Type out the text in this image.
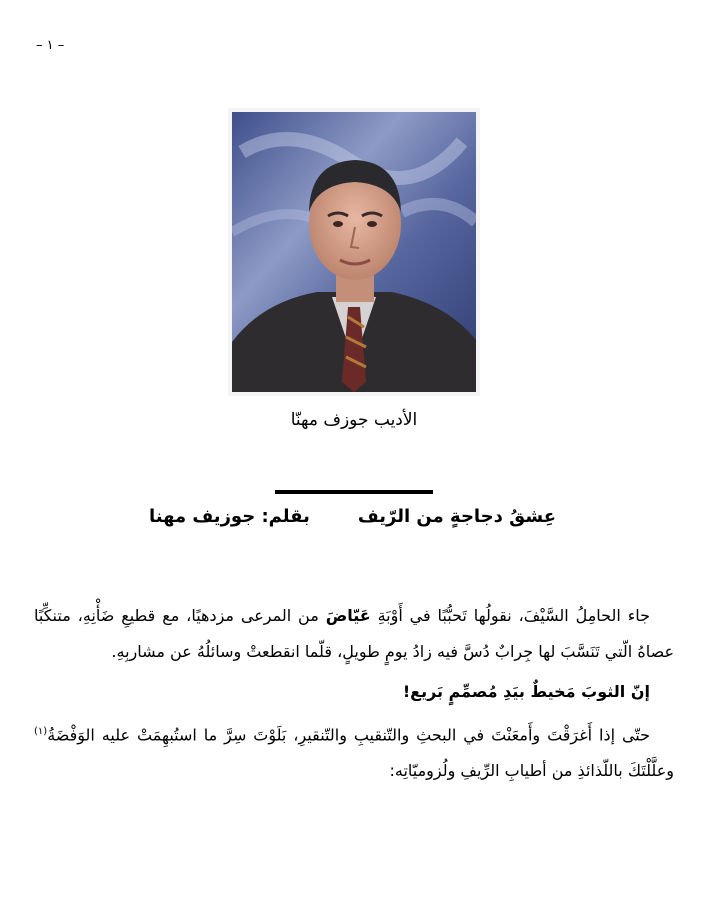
– ١ –
الأديب جوزف مهنّا
عِشقُ دجاجةٍ من الرّيفبقلم: جوزيف مهنا

جاء الحامِلُ السَّيْفَ، نقولُها تَحبُّبًا في أَوْبَةِ عَيّاضَ من المرعى مزدهيًا، مع قطيعِ ضَأْنِهِ، متنكِّبًا عصاهُ الّتي تَنَسَّبَ لها جِرابٌ دُسَّ فيه زادُ يومٍ طويلٍ، قلّما انقطعتْ وسائلُهُ عن مشاربِهِ.

إنّ الثوبَ مَخيطٌ بيَدِ مُصمِّمٍ بَريع!

حتّى إذا أَغرَقْتَ وأَمعَنْتَ في البحثِ والتّنقيبِ والتّنقيرِ، بَلَوْتَ سِرَّ ما استُبهِمَتْ عليه الوَفْضَةُ$^{(١)}$ وعلَّلْتَكَ باللّذائذِ من أطيابِ الرِّيفِ ولُزوميّاتِه:
